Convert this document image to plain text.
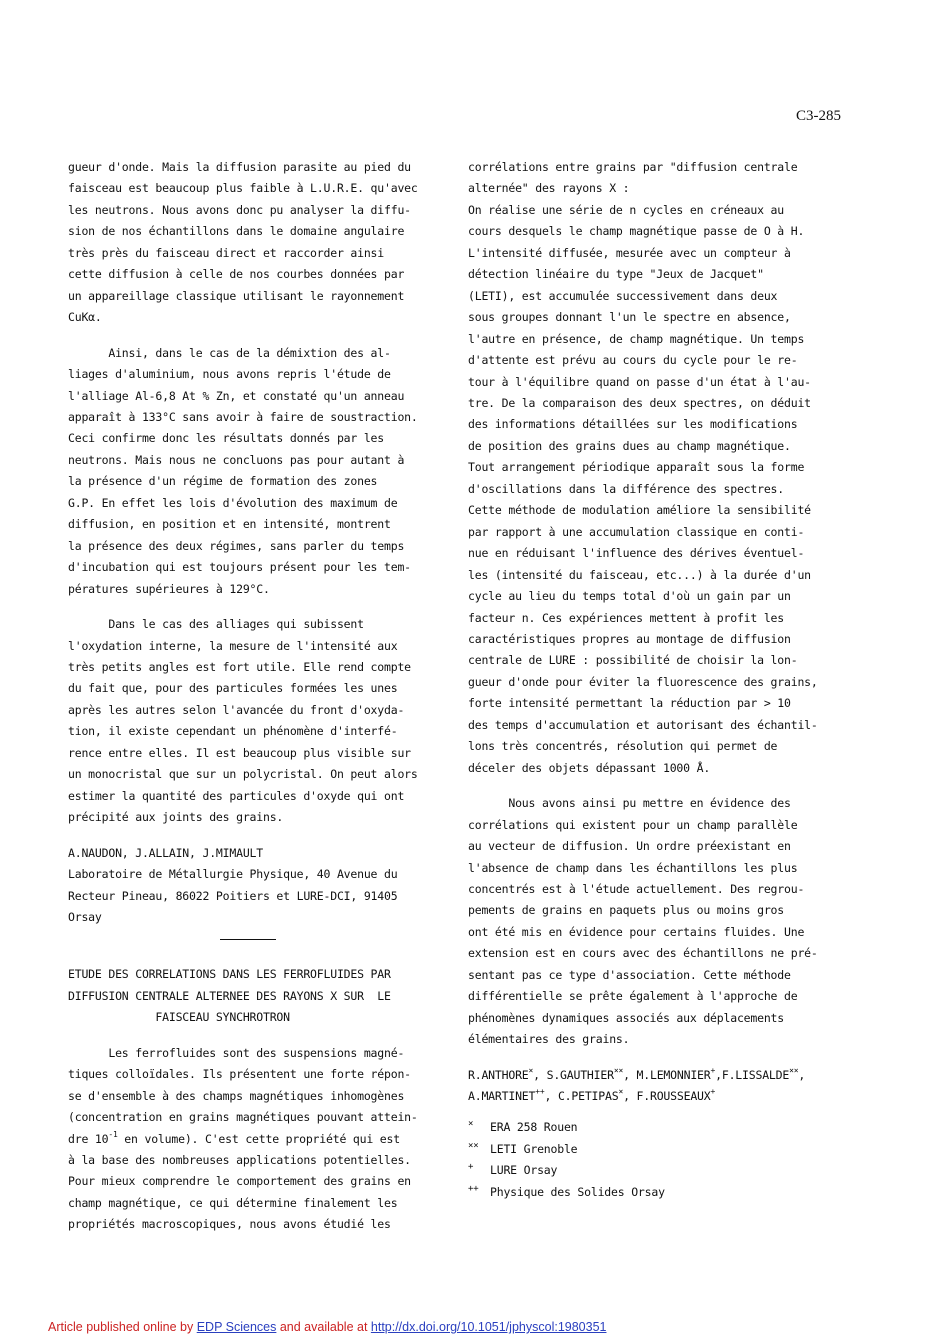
C3-285

gueur d'onde. Mais la diffusion parasite au pied du

faisceau est beaucoup plus faible à L.U.R.E. qu'avec

les neutrons. Nous avons donc pu analyser la diffu-

sion de nos échantillons dans le domaine angulaire

très près du faisceau direct et raccorder ainsi

cette diffusion à celle de nos courbes données par

un appareillage classique utilisant le rayonnement

CuKα.

Ainsi, dans le cas de la démixtion des al-

liages d'aluminium, nous avons repris l'étude de

l'alliage Al-6,8 At % Zn, et constaté qu'un anneau

apparaît à 133°C sans avoir à faire de soustraction.

Ceci confirme donc les résultats donnés par les

neutrons. Mais nous ne concluons pas pour autant à

la présence d'un régime de formation des zones

G.P. En effet les lois d'évolution des maximum de

diffusion, en position et en intensité, montrent

la présence des deux régimes, sans parler du temps

d'incubation qui est toujours présent pour les tem-

pératures supérieures à 129°C.

Dans le cas des alliages qui subissent

l'oxydation interne, la mesure de l'intensité aux

très petits angles est fort utile. Elle rend compte

du fait que, pour des particules formées les unes

après les autres selon l'avancée du front d'oxyda-

tion, il existe cependant un phénomène d'interfé-

rence entre elles. Il est beaucoup plus visible sur

un monocristal que sur un polycristal. On peut alors

estimer la quantité des particules d'oxyde qui ont

précipité aux joints des grains.

A.NAUDON, J.ALLAIN, J.MIMAULT

Laboratoire de Métallurgie Physique, 40 Avenue du

Recteur Pineau, 86022 Poitiers et LURE-DCI, 91405

Orsay

ETUDE DES CORRELATIONS DANS LES FERROFLUIDES PAR

DIFFUSION CENTRALE ALTERNEE DES RAYONS X SUR  LE

FAISCEAU SYNCHROTRON

Les ferrofluides sont des suspensions magné-

tiques colloïdales. Ils présentent une forte répon-

se d'ensemble à des champs magnétiques inhomogènes

(concentration en grains magnétiques pouvant attein-

dre $10^{-1}$ en volume). C'est cette propriété qui est

à la base des nombreuses applications potentielles.

Pour mieux comprendre le comportement des grains en

champ magnétique, ce qui détermine finalement les

propriétés macroscopiques, nous avons étudié les

corrélations entre grains par "diffusion centrale

alternée" des rayons X :

On réalise une série de n cycles en créneaux au

cours desquels le champ magnétique passe de O à H.

L'intensité diffusée, mesurée avec un compteur à

détection linéaire du type "Jeux de Jacquet"

(LETI), est accumulée successivement dans deux

sous groupes donnant l'un le spectre en absence,

l'autre en présence, de champ magnétique. Un temps

d'attente est prévu au cours du cycle pour le re-

tour à l'équilibre quand on passe d'un état à l'au-

tre. De la comparaison des deux spectres, on déduit

des informations détaillées sur les modifications

de position des grains dues au champ magnétique.

Tout arrangement périodique apparaît sous la forme

d'oscillations dans la différence des spectres.

Cette méthode de modulation améliore la sensibilité

par rapport à une accumulation classique en conti-

nue en réduisant l'influence des dérives éventuel-

les (intensité du faisceau, etc...) à la durée d'un

cycle au lieu du temps total d'où un gain par un

facteur n. Ces expériences mettent à profit les

caractéristiques propres au montage de diffusion

centrale de LURE : possibilité de choisir la lon-

gueur d'onde pour éviter la fluorescence des grains,

forte intensité permettant la réduction par > 10

des temps d'accumulation et autorisant des échantil-

lons très concentrés, résolution qui permet de

déceler des objets dépassant 1000 Å.

Nous avons ainsi pu mettre en évidence des

corrélations qui existent pour un champ parallèle

au vecteur de diffusion. Un ordre préexistant en

l'absence de champ dans les échantillons les plus

concentrés est à l'étude actuellement. Des regrou-

pements de grains en paquets plus ou moins gros

ont été mis en évidence pour certains fluides. Une

extension est en cours avec des échantillons ne pré-

sentant pas ce type d'association. Cette méthode

différentielle se prête également à l'approche de

phénomènes dynamiques associés aux déplacements

élémentaires des grains.

R.ANTHORE×, S.GAUTHIER××, M.LEMONNIER+,F.LISSALDE××,

A.MARTINET++, C.PETIPAS×, F.ROUSSEAUX+

×	ERA 258 Rouen
××	LETI Grenoble
+	LURE Orsay
++	Physique des Solides Orsay
Article published online by EDP Sciences and available at http://dx.doi.org/10.1051/jphyscol:1980351
